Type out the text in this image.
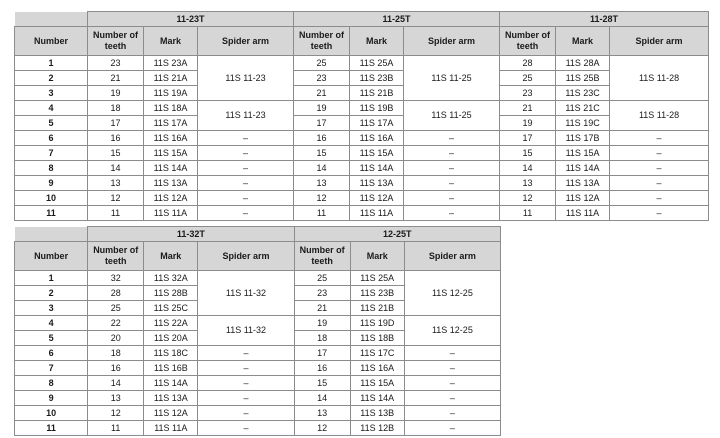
	11-23T			11-25T			11-28T		
Number	Number of teeth	Mark	Spider arm	Number of teeth	Mark	Spider arm	Number of teeth	Mark	Spider arm
1	23	11S 23A	11S 11-23	25	11S 25A	11S 11-25	28	11S 28A	11S 11-28
2	21	11S 21A		23	11S 23B		25	11S 25B	
3	19	11S 19A		21	11S 21B		23	11S 23C	
4	18	11S 18A	11S 11-23	19	11S 19B	11S 11-25	21	11S 21C	11S 11-28
5	17	11S 17A		17	11S 17A		19	11S 19C	
6	16	11S 16A	–	16	11S 16A	–	17	11S 17B	–
7	15	11S 15A	–	15	11S 15A	–	15	11S 15A	–
8	14	11S 14A	–	14	11S 14A	–	14	11S 14A	–
9	13	11S 13A	–	13	11S 13A	–	13	11S 13A	–
10	12	11S 12A	–	12	11S 12A	–	12	11S 12A	–
11	11	11S 11A	–	11	11S 11A	–	11	11S 11A	–
	11-32T			12-25T		
Number	Number of teeth	Mark	Spider arm	Number of teeth	Mark	Spider arm
1	32	11S 32A	11S 11-32	25	11S 25A	11S 12-25
2	28	11S 28B		23	11S 23B	
3	25	11S 25C		21	11S 21B	
4	22	11S 22A	11S 11-32	19	11S 19D	11S 12-25
5	20	11S 20A		18	11S 18B	
6	18	11S 18C	–	17	11S 17C	–
7	16	11S 16B	–	16	11S 16A	–
8	14	11S 14A	–	15	11S 15A	–
9	13	11S 13A	–	14	11S 14A	–
10	12	11S 12A	–	13	11S 13B	–
11	11	11S 11A	–	12	11S 12B	–
